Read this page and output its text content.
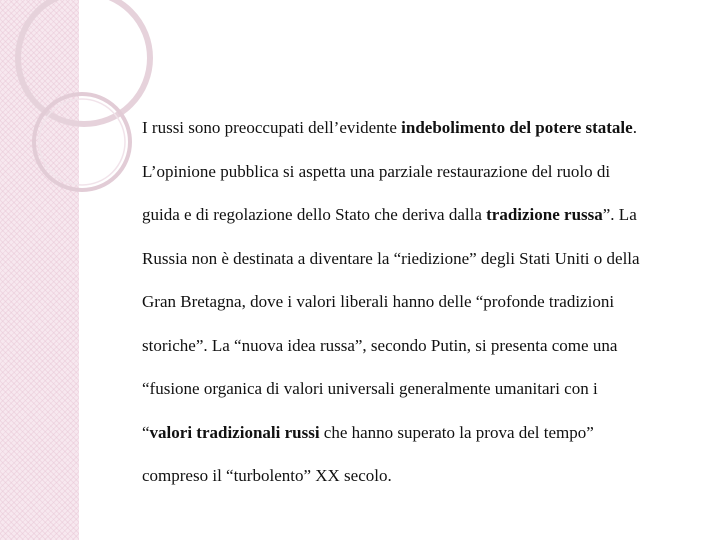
I russi sono preoccupati dell’evidente indebolimento del potere statale.
L’opinione pubblica si aspetta una parziale restaurazione del ruolo di
guida e di regolazione dello Stato che deriva dalla tradizione russa”. La
Russia non è destinata a diventare la “riedizione” degli Stati Uniti o della
Gran Bretagna, dove i valori liberali hanno delle “profonde tradizioni
storiche”. La “nuova idea russa”, secondo Putin, si presenta come una
“fusione organica di valori universali generalmente umanitari con i
“valori tradizionali russi che hanno superato la prova del tempo”
compreso il “turbolento” XX secolo.
